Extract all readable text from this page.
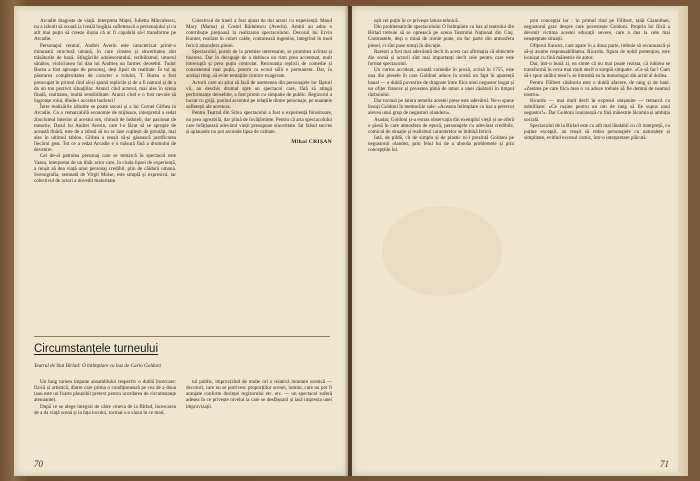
Arcadie dragoste de viață. Interpreta Maței, Julietta Mărculescu, nu a izbutit să scoată la iveală bogăția sufletească a personajului și cu atît mai puțin să creeze iluzia că ar fi capabilă să-l transforme pe Arcadie.

Personajul central, Andrei Averin este caracterizat printr-o minunată structură umană, în care cinstea și sinceritatea sînt trăsăturile de bază. Stîngăciile adolescentului, teribilismul, umorul sănătos, violiciunea lui dau lui Andrieș un farmec deosebit. Tudor Burea a fost aproape de personaj, deși lipsit de realitate. În tot aș păstrarea complexitatea de caracter a rolului, T. Burea a fost preocupat în primul rînd să-și spună replicile și de a fi natural și de a da un ton potrivit situațiilor. Atunci cînd actorul, mai ales în scena finală, realitatea, multă sensibilitate. Atunci cînd e o fost nevoie să îngroașe rolul, dîndu-i accente burlesci!

Între realizările izbutite se poate socoti și a lui Cornel Gîrbea în Arcadie. Cu o remarcabilă economie de mijloace, interpretul a redat zbuciumul interior al acestui om, chinuit de îndoieli, dar pasionat de meserie. Darul lui Andrei Averin, care l-a făcut să se apropie de această tînără, este de a izbuti să nu se lase copleșit de greutăți, mai ales în ultimul tablou. Gîrbea a reușit să-și găsească justificarea fiecărui gest. Tot ce a redat Arcadie e o măsură fină a drumului de devenire.

Cel de-al patrulea personaj care se remarcă în spectacol este Vasea, interpretat de un tînăr actor care, în ciuda lipsei de experiență, a reușit să dea viață unui personaj credibil, plin de căldură umană. Scenografia, semnată de Virgil Moise, este simplă și expresivă, iar colectivul de actori a dovedit maturitate.

Colectivul de tineri a fost ajutat de doi actori cu experiență: Maud Mary (Mama) și Costel Rădulescu (Averin). Ambii au adus o contribuție prețioasă la realizarea spectacolului. Decorul lui Ervin Kunter, realizat în culori calde, conturează ingenios, integrînd în mod fericit atmosfera piesei.

Spectacolul, pornit de la premise interesante, se promitea avîntat și tineresc. Dar în decupaje de a debloca un ritm prea accentuat, mult întreruptă și prea puțin controlat. Rezonanța replicii de comedie și consistentul mai puțin, pentru ca ecoul sălii e permanent. Dar, în același timp, să evite tentațiile comice exagerate.

Actorii care au știut să facă de asemenea din personajele lor făpturi vii, au deschis drumul spre un spectacol care, fără să atingă performanțe deosebite, a fost primit cu simpatie de public. Regizorul a lucrat cu grijă, punînd accentul pe relațiile dintre personaje, pe nuanțele sufletești ale acestora.

Pentru Teatrul din Sibiu spectacolul a fost o experiență folositoare, nu prea agreabilă, dar plină de învățăminte. Pentru că arta spectacolului care înfățișează adevărul vieții presupune sinceritate. Iar falsul succes și aplauzele nu pot ascunde lipsa de calitate.

Mihai CRIȘAN
Circumstanțele turneului
Teatrul de Stat Bîrlad: O întîmplare cu haz de Carlo Goldoni

Un lung turneu impune ansamblului respectiv o dublă încercare: fizică și artistică, dintre care prima o condiționează pe cea de a doua (sau este un foarte plauzibil pretext pentru acordarea de circumstanțe atenuante).

După ce se alege integral de către cineva de la Bîrlad, încercarea de a da viață scenă și la fața locului, tocmai s-a văzut în ce mod.

tul public, improvizînd de multe ori o relativă montare scenică — decoruri, care nu se potrivesc proporțiilor scenei, lumini, care nu pot fi aranjate conform dorinței regizorului etc. etc. — un spectacol suferă adesea în ce privește nivelul la care se desfășoară și lasă impresia unei improvizații.

70

ușit cel puțin în ce privește latura tehnică.

Din problematicile spectacolului O întîmplare cu haz al teatrului din Bîrlad trebuie să se oprească pe scena Teatrului Național din Cluj. Contrastele, deși o mină de ironie pune, nu fac parte din atmosfera piesei, ci sînt puse totuși în discuție.

Rareori a fost mai adevărată decît în acest caz afirmația că obiectele din scenă și actorii sînt mai importanți decît cele pentru care este format spectacolul.

Un curios accident, această comedie în proză, scrisă în 1755, este una din piesele în care Goldoni aduce în scenă un fapt în aparență banal — o dublă povestire de dragoste între fiica unui negustor bogat și un ofițer francez și povestea plină de umor a unei căsătorii în timpul războiului.

Dar tocmai pe latura temelia acestei piese este adevărul. Ne-o spune însuși Goldoni în memoriile sale: «Aceasta întîmplare cu haz a petrecut aievea unui grup de negustori olandezi».

Asadar, Goldoni și-a extras observația din exemplul vieții și ne oferă o piesă în care atmosfera de epocă, personajele cu adevărat credibile, comicul de situație și realismul caracterelor se îmbină fericit.

Iată, de pildă, cît de simplu și de plastic ni-l prezintă Goldoni pe negustorul olandez, prin felul lui de a aborda problemele și prin concepțiile lui.

prin concepția lor : în primul rînd pe Filibert, tatăl Giannilnei, negustorul grav despre care povestește Goldoni. Propria lui fiică a devenit victima acestei educații severe, care a dus la cele mai neașteptate situații.

Ofițerul francez, care apare în a doua parte, trebuie să recunoască și să-și asume responsabilitatea. Ricardo, figura de nobil pretențios, este ironizat cu fină măiestrie de autor.

Dar, într-o bună zi, ea simte că nu mai poate rezista, că iubirea se transformă în ceva mai mult decît o simplă simpatie. «Ce să fac? Cum să-i spun tatălui meu?» se întreabă ea în monologul din actul al doilea.

Pentru Filibert căsătoria este o dublă afacere, de rang și de bani. «Zestrea pe care fiica mea o va aduce trebuie să fie demnă de neamul nostru».

Ricardo — mai mult decît în expresii obișnuite — remarcă cu subtilitate: «Ce rușine pentru un om de rang să fie supus unui negustor!». Dar Goldoni ironizează cu fină măiestrie lăcomia și ambiția socială.

Spectacolul de la Bîrlad este cu atît mai lăudabil cu cît interpreții, cu puține excepții, au reușit să redea personajele cu naturalețe și simplitate, evitînd excesul comic, într-o interpretare plăcută.

71
